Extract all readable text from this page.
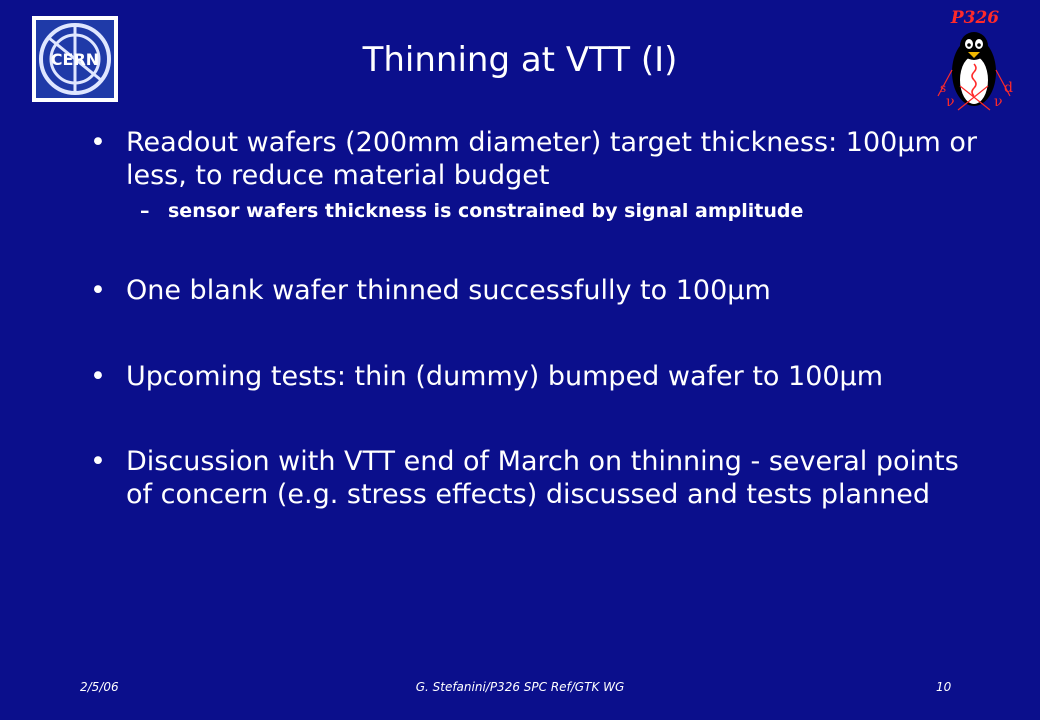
CERN
s	d
ν	ν
P326
Thinning at VTT (I)
• Readout wafers (200mm diameter) target thickness: 100µm or less, to reduce material budget
– sensor wafers thickness is constrained by signal amplitude
• One blank wafer thinned successfully to 100µm
• Upcoming tests: thin (dummy) bumped wafer to 100µm
• Discussion with VTT end of March on thinning - several points of concern (e.g. stress effects) discussed and tests planned
2/5/06	G. Stefanini/P326 SPC Ref/GTK WG	10
